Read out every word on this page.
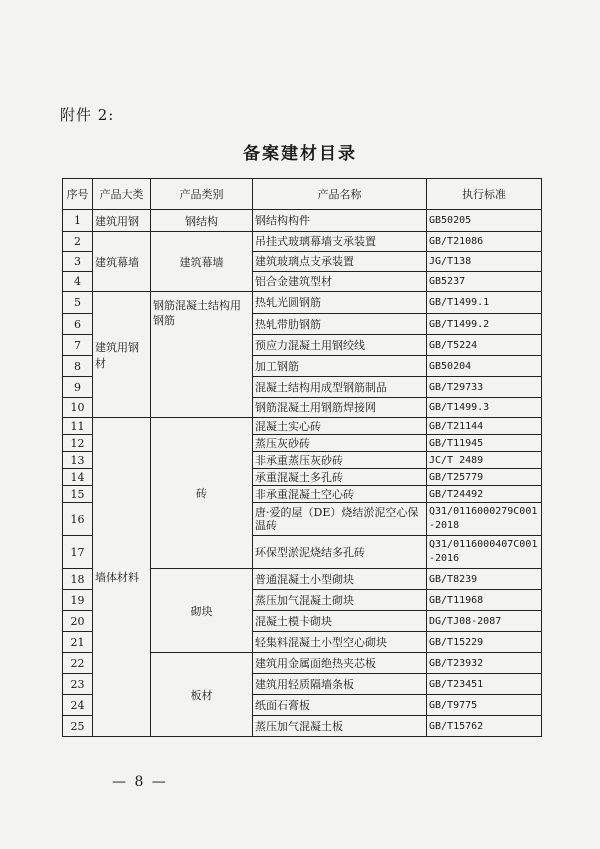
附件 2:
备案建材目录
序号	产品大类	产品类别	产品名称	执行标准
1	建筑用钢	钢结构	钢结构构件	GB50205
2	建筑幕墙	建筑幕墙	吊挂式玻璃幕墙支承装置	GB/T21086
3			建筑玻璃点支承装置	JG/T138
4			铝合金建筑型材	GB5237
5	建筑用钢材	钢筋混凝土结构用钢筋	热轧光圆钢筋	GB/T1499.1
6			热轧带肋钢筋	GB/T1499.2
7			预应力混凝土用钢绞线	GB/T5224
8			加工钢筋	GB50204
9			混凝土结构用成型钢筋制品	GB/T29733
10			钢筋混凝土用钢筋焊接网	GB/T1499.3
11	墙体材料	砖	混凝土实心砖	GB/T21144
12			蒸压灰砂砖	GB/T11945
13			非承重蒸压灰砂砖	JC/T 2489
14			承重混凝土多孔砖	GB/T25779
15			非承重混凝土空心砖	GB/T24492
16			唐·爱的屋（DE）烧结淤泥空心保温砖	Q31/0116000279C001-2018
17			环保型淤泥烧结多孔砖	Q31/0116000407C001-2016
18		砌块	普通混凝土小型砌块	GB/T8239
19			蒸压加气混凝土砌块	GB/T11968
20			混凝土模卡砌块	DG/TJ08-2087
21			轻集料混凝土小型空心砌块	GB/T15229
22		板材	建筑用金属面绝热夹芯板	GB/T23932
23			建筑用轻质隔墙条板	GB/T23451
24			纸面石膏板	GB/T9775
25			蒸压加气混凝土板	GB/T15762
— 8 —
